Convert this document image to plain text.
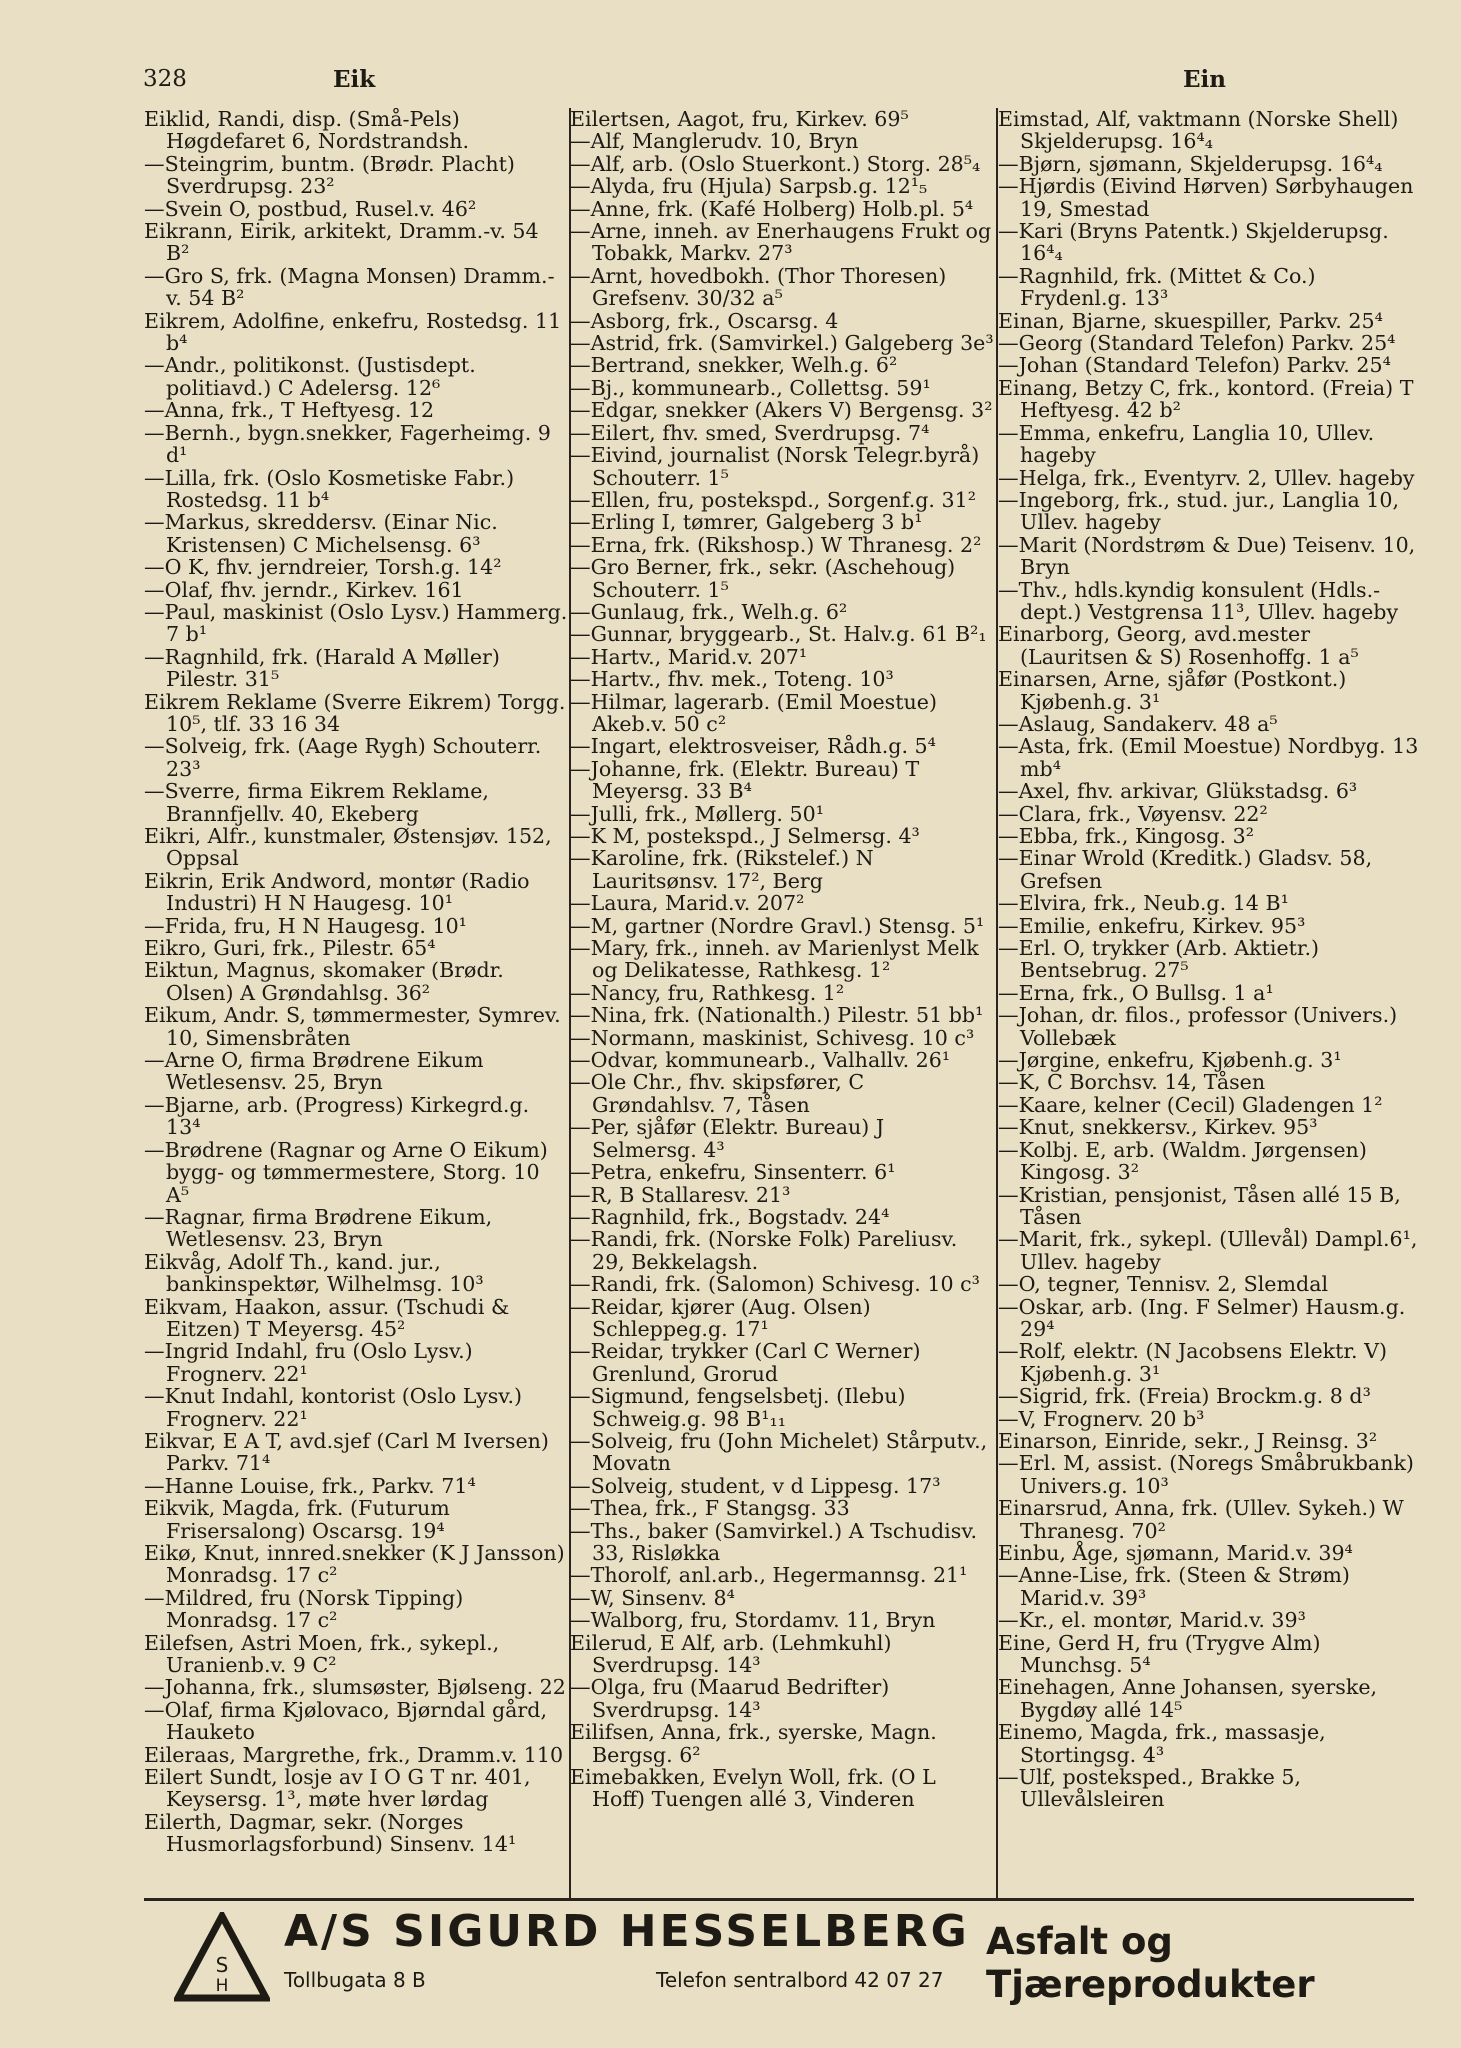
328	Eik	Ein
Eiklid, Randi, disp. (Små-Pels) Høgdefaret 6, Nordstrandsh.
—Steingrim, buntm. (Brødr. Placht) Sverdrupsg. 23²
—Svein O, postbud, Rusel.v. 46²
Eikrann, Eirik, arkitekt, Dramm.-v. 54 B²
—Gro S, frk. (Magna Monsen) Dramm.-v. 54 B²
Eikrem, Adolfine, enkefru, Rostedsg. 11 b⁴
—Andr., politikonst. (Justisdept. politiavd.) C Adelersg. 12⁶
—Anna, frk., T Heftyesg. 12
—Bernh., bygn.snekker, Fagerheimg. 9 d¹
—Lilla, frk. (Oslo Kosmetiske Fabr.) Rostedsg. 11 b⁴
—Markus, skreddersv. (Einar Nic. Kristensen) C Michelsensg. 6³
—O K, fhv. jerndreier, Torsh.g. 14²
—Olaf, fhv. jerndr., Kirkev. 161
—Paul, maskinist (Oslo Lysv.) Hammerg. 7 b¹
—Ragnhild, frk. (Harald A Møller) Pilestr. 31⁵
Eikrem Reklame (Sverre Eikrem) Torgg. 10⁵, tlf. 33 16 34
—Solveig, frk. (Aage Rygh) Schouterr. 23³
—Sverre, firma Eikrem Reklame, Brannfjellv. 40, Ekeberg
Eikri, Alfr., kunstmaler, Østensjøv. 152, Oppsal
Eikrin, Erik Andword, montør (Radio Industri) H N Haugesg. 10¹
—Frida, fru, H N Haugesg. 10¹
Eikro, Guri, frk., Pilestr. 65⁴
Eiktun, Magnus, skomaker (Brødr. Olsen) A Grøndahlsg. 36²
Eikum, Andr. S, tømmermester, Symrev. 10, Simensbråten
—Arne O, firma Brødrene Eikum Wetlesensv. 25, Bryn
—Bjarne, arb. (Progress) Kirkegrd.g. 13⁴
—Brødrene (Ragnar og Arne O Eikum) bygg- og tømmermestere, Storg. 10 A⁵
—Ragnar, firma Brødrene Eikum, Wetlesensv. 23, Bryn
Eikvåg, Adolf Th., kand. jur., bankinspektør, Wilhelmsg. 10³
Eikvam, Haakon, assur. (Tschudi & Eitzen) T Meyersg. 45²
—Ingrid Indahl, fru (Oslo Lysv.) Frognerv. 22¹
—Knut Indahl, kontorist (Oslo Lysv.) Frognerv. 22¹
Eikvar, E A T, avd.sjef (Carl M Iversen) Parkv. 71⁴
—Hanne Louise, frk., Parkv. 71⁴
Eikvik, Magda, frk. (Futurum Frisersalong) Oscarsg. 19⁴
Eikø, Knut, innred.snekker (K J Jansson) Monradsg. 17 c²
—Mildred, fru (Norsk Tipping) Monradsg. 17 c²
Eilefsen, Astri Moen, frk., sykepl., Uranienb.v. 9 C²
—Johanna, frk., slumsøster, Bjølseng. 22
—Olaf, firma Kjølovaco, Bjørndal gård, Hauketo
Eileraas, Margrethe, frk., Dramm.v. 110
Eilert Sundt, losje av I O G T nr. 401, Keysersg. 1³, møte hver lørdag
Eilerth, Dagmar, sekr. (Norges Husmorlagsforbund) Sinsenv. 14¹
Eilertsen, Aagot, fru, Kirkev. 69⁵
—Alf, Manglerudv. 10, Bryn
—Alf, arb. (Oslo Stuerkont.) Storg. 28⁵₄
—Alyda, fru (Hjula) Sarpsb.g. 12¹₅
—Anne, frk. (Kafé Holberg) Holb.pl. 5⁴
—Arne, inneh. av Enerhaugens Frukt og Tobakk, Markv. 27³
—Arnt, hovedbokh. (Thor Thoresen) Grefsenv. 30/32 a⁵
—Asborg, frk., Oscarsg. 4
—Astrid, frk. (Samvirkel.) Galgeberg 3e³
—Bertrand, snekker, Welh.g. 6²
—Bj., kommunearb., Collettsg. 59¹
—Edgar, snekker (Akers V) Bergensg. 3²
—Eilert, fhv. smed, Sverdrupsg. 7⁴
—Eivind, journalist (Norsk Telegr.byrå) Schouterr. 1⁵
—Ellen, fru, postekspd., Sorgenf.g. 31²
—Erling I, tømrer, Galgeberg 3 b¹
—Erna, frk. (Rikshosp.) W Thranesg. 2²
—Gro Berner, frk., sekr. (Aschehoug) Schouterr. 1⁵
—Gunlaug, frk., Welh.g. 6²
—Gunnar, bryggearb., St. Halv.g. 61 B²₁
—Hartv., Marid.v. 207¹
—Hartv., fhv. mek., Toteng. 10³
—Hilmar, lagerarb. (Emil Moestue) Akeb.v. 50 c²
—Ingart, elektrosveiser, Rådh.g. 5⁴
—Johanne, frk. (Elektr. Bureau) T Meyersg. 33 B⁴
—Julli, frk., Møllerg. 50¹
—K M, postekspd., J Selmersg. 4³
—Karoline, frk. (Rikstelef.) N Lauritsønsv. 17², Berg
—Laura, Marid.v. 207²
—M, gartner (Nordre Gravl.) Stensg. 5¹
—Mary, frk., inneh. av Marienlyst Melk og Delikatesse, Rathkesg. 1²
—Nancy, fru, Rathkesg. 1²
—Nina, frk. (Nationalth.) Pilestr. 51 bb¹
—Normann, maskinist, Schivesg. 10 c³
—Odvar, kommunearb., Valhallv. 26¹
—Ole Chr., fhv. skipsfører, C Grøndahlsv. 7, Tåsen
—Per, sjåfør (Elektr. Bureau) J Selmersg. 4³
—Petra, enkefru, Sinsenterr. 6¹
—R, B Stallaresv. 21³
—Ragnhild, frk., Bogstadv. 24⁴
—Randi, frk. (Norske Folk) Pareliusv. 29, Bekkelagsh.
—Randi, frk. (Salomon) Schivesg. 10 c³
—Reidar, kjører (Aug. Olsen) Schleppeg.g. 17¹
—Reidar, trykker (Carl C Werner) Grenlund, Grorud
—Sigmund, fengselsbetj. (Ilebu) Schweig.g. 98 B¹₁₁
—Solveig, fru (John Michelet) Stårputv., Movatn
—Solveig, student, v d Lippesg. 17³
—Thea, frk., F Stangsg. 33
—Ths., baker (Samvirkel.) A Tschudisv. 33, Risløkka
—Thorolf, anl.arb., Hegermannsg. 21¹
—W, Sinsenv. 8⁴
—Walborg, fru, Stordamv. 11, Bryn
Eilerud, E Alf, arb. (Lehmkuhl) Sverdrupsg. 14³
—Olga, fru (Maarud Bedrifter) Sverdrupsg. 14³
Eilifsen, Anna, frk., syerske, Magn. Bergsg. 6²
Eimebakken, Evelyn Woll, frk. (O L Hoff) Tuengen allé 3, Vinderen
Eimstad, Alf, vaktmann (Norske Shell) Skjelderupsg. 16⁴₄
—Bjørn, sjømann, Skjelderupsg. 16⁴₄
—Hjørdis (Eivind Hørven) Sørbyhaugen 19, Smestad
—Kari (Bryns Patentk.) Skjelderupsg. 16⁴₄
—Ragnhild, frk. (Mittet & Co.) Frydenl.g. 13³
Einan, Bjarne, skuespiller, Parkv. 25⁴
—Georg (Standard Telefon) Parkv. 25⁴
—Johan (Standard Telefon) Parkv. 25⁴
Einang, Betzy C, frk., kontord. (Freia) T Heftyesg. 42 b²
—Emma, enkefru, Langlia 10, Ullev. hageby
—Helga, frk., Eventyrv. 2, Ullev. hageby
—Ingeborg, frk., stud. jur., Langlia 10, Ullev. hageby
—Marit (Nordstrøm & Due) Teisenv. 10, Bryn
—Thv., hdls.kyndig konsulent (Hdls.-dept.) Vestgrensa 11³, Ullev. hageby
Einarborg, Georg, avd.mester (Lauritsen & S) Rosenhoffg. 1 a⁵
Einarsen, Arne, sjåfør (Postkont.) Kjøbenh.g. 3¹
—Aslaug, Sandakerv. 48 a⁵
—Asta, frk. (Emil Moestue) Nordbyg. 13 mb⁴
—Axel, fhv. arkivar, Glükstadsg. 6³
—Clara, frk., Vøyensv. 22²
—Ebba, frk., Kingosg. 3²
—Einar Wrold (Kreditk.) Gladsv. 58, Grefsen
—Elvira, frk., Neub.g. 14 B¹
—Emilie, enkefru, Kirkev. 95³
—Erl. O, trykker (Arb. Aktietr.) Bentsebrug. 27⁵
—Erna, frk., O Bullsg. 1 a¹
—Johan, dr. filos., professor (Univers.) Vollebæk
—Jørgine, enkefru, Kjøbenh.g. 3¹
—K, C Borchsv. 14, Tåsen
—Kaare, kelner (Cecil) Gladengen 1²
—Knut, snekkersv., Kirkev. 95³
—Kolbj. E, arb. (Waldm. Jørgensen) Kingosg. 3²
—Kristian, pensjonist, Tåsen allé 15 B, Tåsen
—Marit, frk., sykepl. (Ullevål) Dampl.6¹, Ullev. hageby
—O, tegner, Tennisv. 2, Slemdal
—Oskar, arb. (Ing. F Selmer) Hausm.g. 29⁴
—Rolf, elektr. (N Jacobsens Elektr. V) Kjøbenh.g. 3¹
—Sigrid, frk. (Freia) Brockm.g. 8 d³
—V, Frognerv. 20 b³
Einarson, Einride, sekr., J Reinsg. 3²
—Erl. M, assist. (Noregs Småbrukbank) Univers.g. 10³
Einarsrud, Anna, frk. (Ullev. Sykeh.) W Thranesg. 70²
Einbu, Åge, sjømann, Marid.v. 39⁴
—Anne-Lise, frk. (Steen & Strøm) Marid.v. 39³
—Kr., el. montør, Marid.v. 39³
Eine, Gerd H, fru (Trygve Alm) Munchsg. 5⁴
Einehagen, Anne Johansen, syerske, Bygdøy allé 14⁵
Einemo, Magda, frk., massasje, Stortingsg. 4³
—Ulf, posteksped., Brakke 5, Ullevålsleiren
S
H
A/S SIGURD HESSELBERG
Tollbugata 8 B	Telefon sentralbord 42 07 27
Asfalt og Tjæreprodukter
